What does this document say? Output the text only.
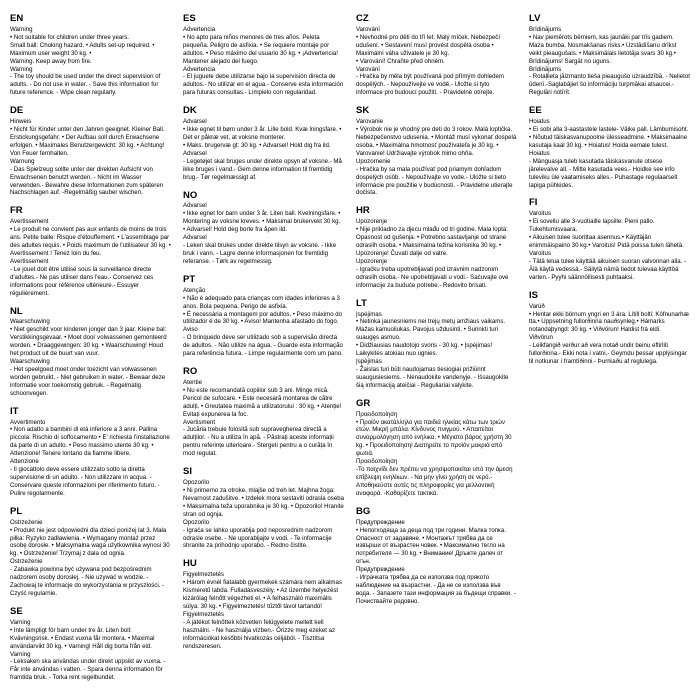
EN

Warning

• Not suitable for children under three years.

Small ball: Choking hazard. • Adults set-up required. • Maximum user weight 30 kg. •

Warning. Keep away from fire.

Warning

- The toy should be used under the direct supervision of adults. - Do not use in water. - Save this information for future reference. - Wipe clean regularly.

DE

Hinweis

• Nicht für Kinder unter den Jahren geeignet. Kleiner Ball. Erstickungsgefahr. • Der Aufbau soll durch Erwachsene erfolgen. • Maximales Benutzergewicht: 30 kg. • Achtung! Von Feuer fernhalten.

Warnung

- Das Spielzeug sollte unter der direkten Aufsicht von Erwachsenen benutzt werden. - Nicht im Wasser verwenden.- Bewahre diese Informationen zum späteren Nachschlagen auf. -Regelmäßig sauber wischen.

FR

Avertissement

• Le produit ne convient pas aux enfants de moins de trois ans. Petite balle: Risque d'étouffement. • L'assemblage par des adultes requis. • Poids maximum de l'utilisateur 30 kg. • Avertissement ! Tenez loin du feu.

Avertissement

- Le jouet doit être utilisé sous la surveillance directe d'adultes.- Ne pas utiliser dans l'eau.- Conservez ces informations pour référence ultérieure.- Essuyer régulièrement.

NL

Waarschuwing

• Niet geschikt voor kinderen jonger dan 3 jaar. Kleine bal: Verstikkingsgevaar. • Moet door volwassenen gemonteerd worden. • Draaggewingen: 30 kg. • Waarschuwing! Houd het product uit de buurt van vuur.

Waarschuwing

- Het speelgoed moet onder toezicht van volwassenen worden gebruikt. - Niet gebruiken in water. - Bewaar deze informatie voor toekomstig gebruik. - Regelmatig schoonvegen.

IT

Avvertimento

• Non adatto a bambini di età inferiore a 3 anni. Pallina piccola: Rischio di soffocamento • E' richiesta l'installazione da parte di un adulto. • Peso massimo utente 30 kg. • Attenzione! Tenere lontano da fiamme libere.

Attenzione

- Il giocattolo deve essere utilizzato sotto la diretta supervisione di un adulto. - Non utilizzare in acqua. - Conservare queste informazioni per riferimento futuro. - Pulire regolarmente.

PL

Ostrzeżenie

• Produkt nie jest odpowiedni dla dzieci poniżej lat 3. Mała piłka: Ryzyko zadławienia. • Wymagany montaż przez osobę dorosłe. • Maksymalna waga użytkownika wynosi 30 kg. • Ostrzeżenie! Trzymaj z dala od ognia.

Ostrzeżenie

- Zabawka powinna być używana pod bezpośrednim nadzorem osoby dorosłej. - Nie używać w wodzie. - Zachowaj te informacje do wykorzystania w przyszłości. - Czyść regularnie.

SE

Varning

• Inte lämpligt för barn under tre år. Liten boll: Kvävningsrisk. • Endast vuxna får montera. • Maximal användarvikt 30 kg. • Varning! Håll dig borta från eld.

Varning

- Leksaken ska användas under direkt uppsikt av vuxna. - Får inte användas i vatten. - Spara denna information för framtida bruk. - Torka rent regelbundet.

ES

Advertencia

• No apto para niños menores de tres años. Peleta pequeña. Peligro de asfixia. • Se requiere montaje por adultos. • Peso máximo del usuario 30 kg. • ¡Advertencia! Mantener alejado del fuego.

Advertencia

- El juguete debe utilizarse bajo la supervisión directa de adultos.- No utilizar en el agua.- Conserve esta información para futuras consultas.- Límpielo con regularidad.

DK

Advarsel

• Ikke egnet til børn under 3 år. Lille bold. Kvæ lningsfare. • Det er påkræ vet, at voksne monterer.

• Maks. brugervæ gt: 30 kg. • Advarsel! Hold dig fra ild.

Advarsel

- Legetøjet skal bruges under direkte opsyn af voksne.- Må ikke bruges i vand.- Gem denne information til fremtidig brug.- Tør regelmæssigt af.

NO

Advarsel

• Ikke egnet for barn under 3 år. Liten ball. Kvelningsfare. • Montering av voksne kreves. • Maksimal brukervekt 30 kg. • Advarsel! Hold deg borte fra åpen ild.

Advarsel

- Leken skal brukes under direkte tilsyn av voksne. - Ikke bruk i vann. - Lagre denne informasjonen for fremtidig referanse. - Tørk av regelmessig.

PT

Atenção

• Não é adequado para crianças com idades inferiores a 3 anos. Bola pequena. Perigo de asfixia.

• É necessária a montagem por adultos. • Peso máximo do utilizador é de 30 kg. • Aviso! Mantenha afastado do fogo.

Aviso

- O brinquedo deve ser utilizado sob a supervisão directa de adultos. - Não utilize na água. - Guarde esta informação para referência futura. - Limpe regularmente com um pano.

RO

Atentie

• Nu este recomandată copiilor sub 3 ani. Minge mică. Pericol de sufocare. • Este necesară montarea de către adulți. • Greutatea maximă a utilizatorului : 30 kg. • Atenție! Evitați expunerea la foc.

Avertisment

- Jucăria trebuie folosită sub supravegherea directă a adulților. - Nu a utiliza în apă. - Păstrați aceste informații pentru referințe ulterioare.- Stergeti pentru a o curăța în mod regulat.

SI

Opozorilo

• Ni primerno za otroke, mlajše od treh let. Majhna žoga: Nevarnost zadušitve. • Izdelek mora sestaviti odrasla oseba • Maksimalna teža uporabnika je 30 kg. • Opozorilo! Hranite stran od ognja.

Opozorilo

- Igrača se lahko uporablja pod neposrednim nadzorom odrasle osebe. - Ne uporabljajte v vodi. - Te informacije shranite za prihodnjo uporabo. - Redno čistite.

HU

Figyelmeztetés

• Három évnél fiatalabb gyermekek számára nem alkalmas Kisméretű labda. Fulladásveszély. • Az üzembe helyezést kizárólag felnőtt végezheti el. • A felhasználó maximális súlya: 30 kg. • Figyelmeztetés! tűztől távol tartandó!

Figyelmeztetés

- A játékot felnőttek közvetlen felügyelete mellett kell használni. - Ne használja vízben.- Őrizze meg ezeket az információkat későbbi hivatkozás céljából. - Tisztítsa rendszeresen.

CZ

Varování

• Nevhodné pro děti do tří let. Malý míček. Nebezpečí udušení. • Sestavení musí provést dospělá osoba • Maximální váha uživatele je 30 kg.

• Varování! Chraňte před ohněm.

Varování

- Hračka by měla být používaná pod přímým dohledem dospělých. - Nepoužívejte ve vodě.- Uložte si tyto informace pro budoucí použití. - Pravidelně otírejte.

SK

Varovanie

• Výrobok nie je vhodný pre deti do 3 rokov. Malá loptička. Nebezpečenstvo udusenia. • Montáž musí vykonať dospelá osoba. • Maximálna hmotnosť používateľa je 30 kg. • Varovanie! Udržiavajte výrobok mimo ohňa.

Upozornenie

- Hračka by sa mala používať pod priamym dohľadom dospelých osôb. - Nepoužívajte vo vode.- Uložte si tieto informácie pre použitie v budúcnosti. - Pravidelne utierajte dočista.

HR

Upozorenje

• Nije prikladno za djecu mlađu od tri godine. Mala lopta: Opasnost od gušenja. • Potrebno sastavljanje od strane odraslih osoba. • Maksimalna težina korisnika 30 kg. • Upozorenje! Čuvati dalje od vatre.

Upozorenje

- Igračku treba upotrebljavati pod izravnim nadzorom odraslih osoba.- Ne upotrebljavati u vodi.- Sačuvajte ove informacije za buduće potrebe.- Redovito brisati.

LT

Įspėjimas

• Netinka jaunesniems nei trejų metų amžiaus vaikams. Mažas kamuoliukas. Pavojus uždusinti. • Surinkti turi suaugęs asmuo.

• Didžiausias naudotojo svoris - 30 kg. • Įspėjimas! Laikykitės atokiau nuo ugnies.

Įspėjimas

- Žaislas turi būti naudojamas tiesiogiai prižiūrint suaugusiesiems. - Nenaudokite vandenyje. - Išsaugokite šią informaciją ateičiai - Reguliariai valykite.

GR

Προειδοποίηση

• Προϊόν ακατάλληλο για παιδιά ηλικίας κάτω των τριών ετών. Μικρή μπάλα. Κίνδυνος πνιγμού. • Απαιτείται συναρμολόγηση από ενήλικα. • Μέγιστο βάρος χρήστη 30 kg. • Προειδοποίηση! Διατηρείτε το προϊόν μακριά από φωτιά.

Προειδοποίηση

-Το παιχνίδι δεν πρέπει να χρησιμοποιείται υπό την άμεση επίβλεψη ενηλίκων. - Να μην γίνει χρήση σε νερό.- Αποθηκεύστε αυτές τις πληροφορίες για μελλοντική αναφορά. -Καθαρίζετε τακτικά.

BG

Предупреждение

• Непогходяща за деца под три години. Малка топка. Опасност от задавяне. • Монтажът трябва да се извърши от възрастен човек. • Максимално тегло на потребителя — 30 kg. • Внимание! Дръжте далеч от огън.

Предупреждение

- Играчката трябва да се използва под прякото наблюдение на възрастни. - Да не се използва във вода. - Запазете тази информация за бъдещи справки. - Почиствайте редовно.

LV

Brīdinājums

• Nav piemērots bērniem, kas jaunāki par trīs gadiem. Maza bumba. Nosmakšanas risks.• Uzstādīšanu drīkst veikt pieaugušais. • Maksimālais lietotāja svars 30 kg.• Brīdinājums! Sargāt no uguns.

Brīdinājums

- Rotaļlieta jāizmanto tieša pieaugušo uzraudzībā. - Nelietot ūdenī.-Saglabājiet šo informāciju turpmākai atsaucei.-Regulāri notīrīt.

EE

Hoiatus

• Ei sobi alla 3-aastastele lastele- Väike pall. Lämbumisoht. • Nõutud täiskasvanupoolne ülesseadmine. • Maksimaalne kasutaja kaal 30 kg. • Hoiatus! Hoida eemale tulest.

Hoiatus

- Mänguasja tuleb kasutada täiskasvanute otsese järelevalve all. - Mitte kasutada vees.- Hoidke see info tuleviku üle vaatamiseks alles.- Puhastage regulaarselt lapiga pühkides.

FI

Varoitus

• Ei sovellu alle 3-vuotiaille lapsille. Pieni pallo. Tukehtumisvaara.

• Aikuisen tulee suorittaa asennus.• Käyttäjän enimmäispaino 30 kg.• Varoitus! Pidä poissa tulen lähetä.

Varoitus

- Tätä lelua tulee käyttää aikuisen suoran valvonnan alla. - Älä käytä vedessä.- Säilytä nämä tiedot tulevaa käyttöä varten.- Pyyhi säännöllisesti puhtaaksi.

IS

Varúð

• Hentar ekki börnum yngri en 3 ára. Lítill bolti: Köfnunarhæ tta.• Uppsetning fullorðinna nauðsynleg.• Hámarks notandaþyngd: 30 kg. • Viðvörun! Haldist frá eldi.

Viðvörun

- Leikfangið verður að vera notað undir beinu eftirliti fullorðinna.- Ekki nota í vatni.- Geymdu þessar upplýsingar til notkunar í framtíðinni.- Þurrkaðu af reglulega.
